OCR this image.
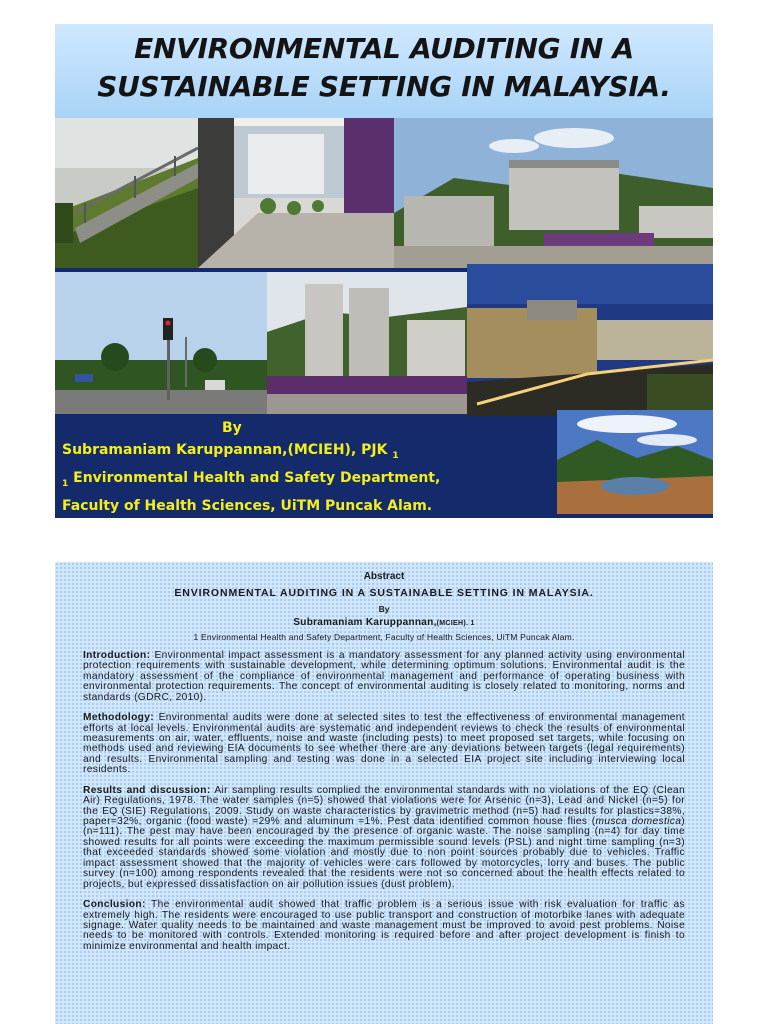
ENVIRONMENTAL AUDITING IN A
SUSTAINABLE SETTING IN MALAYSIA.
By
Subramaniam Karuppannan,(MCIEH), PJK $_1$
$_1$ Environmental Health and Safety Department,
Faculty of Health Sciences, UiTM Puncak Alam.
Abstract
ENVIRONMENTAL AUDITING IN A SUSTAINABLE SETTING IN MALAYSIA.
By
Subramaniam Karuppannan,(MCIEH). 1
1 Environmental Health and Safety Department, Faculty of Health Sciences, UiTM Puncak Alam.

Introduction: Environmental impact assessment is a mandatory assessment for any planned activity using environmental protection requirements with sustainable development, while determining optimum solutions. Environmental audit is the mandatory assessment of the compliance of environmental management and performance of operating business with environmental protection requirements. The concept of environmental auditing is closely related to monitoring, norms and standards (GDRC, 2010).

Methodology: Environmental audits were done at selected sites to test the effectiveness of environmental management efforts at local levels. Environmental audits are systematic and independent reviews to check the results of environmental measurements on air, water, effluents, noise and waste (including pests) to meet proposed set targets, while focusing on methods used and reviewing EIA documents to see whether there are any deviations between targets (legal requirements) and results. Environmental sampling and testing was done in a selected EIA project site including interviewing local residents.

Results and discussion: Air sampling results complied the environmental standards with no violations of the EQ (Clean Air) Regulations, 1978. The water samples (n=5) showed that violations were for Arsenic (n=3), Lead and Nickel (n=5) for the EQ (SIE) Regulations, 2009. Study on waste characteristics by gravimetric method (n=5) had results for plastics=38%, paper=32%, organic (food waste) =29% and aluminum =1%. Pest data identified common house flies (musca domestica) (n=111). The pest may have been encouraged by the presence of organic waste. The noise sampling (n=4) for day time showed results for all points were exceeding the maximum permissible sound levels (PSL) and night time sampling (n=3) that exceeded standards showed some violation and mostly due to non point sources probably due to vehicles. Traffic impact assessment showed that the majority of vehicles were cars followed by motorcycles, lorry and buses. The public survey (n=100) among respondents revealed that the residents were not so concerned about the health effects related to projects, but expressed dissatisfaction on air pollution issues (dust problem).

Conclusion: The environmental audit showed that traffic problem is a serious issue with risk evaluation for traffic as extremely high. The residents were encouraged to use public transport and construction of motorbike lanes with adequate signage. Water quality needs to be maintained and waste management must be improved to avoid pest problems. Noise needs to be monitored with controls. Extended monitoring is required before and after project development is finish to minimize environmental and health impact.
